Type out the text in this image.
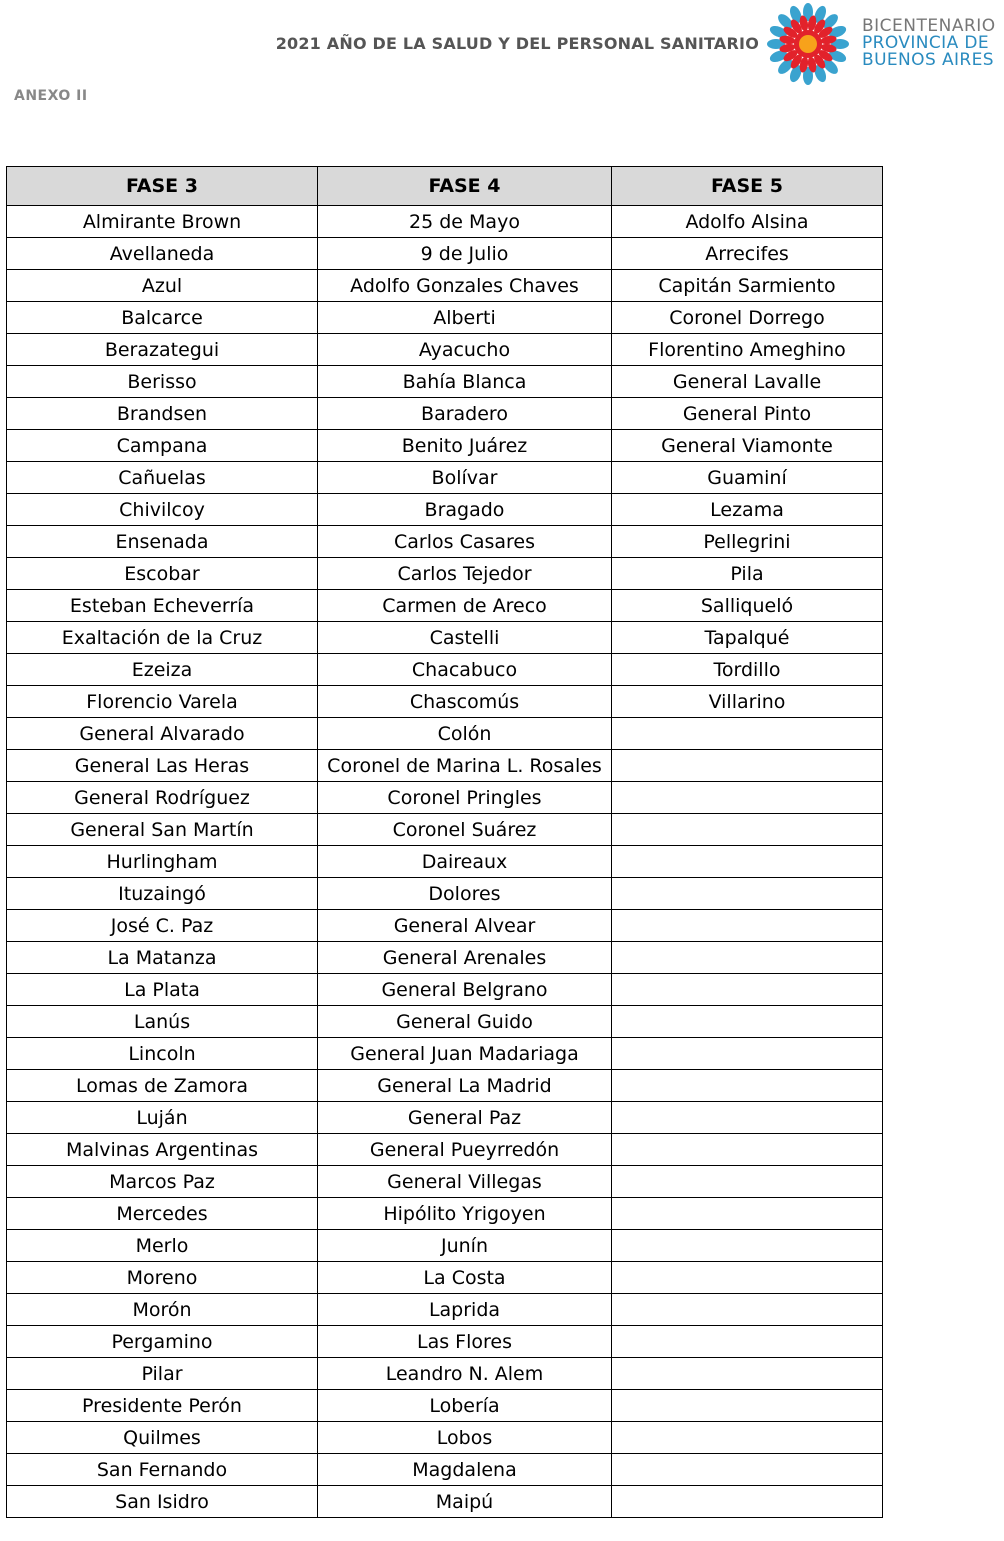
2021 AÑO DE LA SALUD Y DEL PERSONAL SANITARIO
BICENTENARIO
PROVINCIA DE
BUENOS AIRES
ANEXO II
FASE 3	FASE 4	FASE 5
Almirante Brown	25 de Mayo	Adolfo Alsina
Avellaneda	9 de Julio	Arrecifes
Azul	Adolfo Gonzales Chaves	Capitán Sarmiento
Balcarce	Alberti	Coronel Dorrego
Berazategui	Ayacucho	Florentino Ameghino
Berisso	Bahía Blanca	General Lavalle
Brandsen	Baradero	General Pinto
Campana	Benito Juárez	General Viamonte
Cañuelas	Bolívar	Guaminí
Chivilcoy	Bragado	Lezama
Ensenada	Carlos Casares	Pellegrini
Escobar	Carlos Tejedor	Pila
Esteban Echeverría	Carmen de Areco	Salliqueló
Exaltación de la Cruz	Castelli	Tapalqué
Ezeiza	Chacabuco	Tordillo
Florencio Varela	Chascomús	Villarino
General Alvarado	Colón	
General Las Heras	Coronel de Marina L. Rosales	
General Rodríguez	Coronel Pringles	
General San Martín	Coronel Suárez	
Hurlingham	Daireaux	
Ituzaingó	Dolores	
José C. Paz	General Alvear	
La Matanza	General Arenales	
La Plata	General Belgrano	
Lanús	General Guido	
Lincoln	General Juan Madariaga	
Lomas de Zamora	General La Madrid	
Luján	General Paz	
Malvinas Argentinas	General Pueyrredón	
Marcos Paz	General Villegas	
Mercedes	Hipólito Yrigoyen	
Merlo	Junín	
Moreno	La Costa	
Morón	Laprida	
Pergamino	Las Flores	
Pilar	Leandro N. Alem	
Presidente Perón	Lobería	
Quilmes	Lobos	
San Fernando	Magdalena	
San Isidro	Maipú	
